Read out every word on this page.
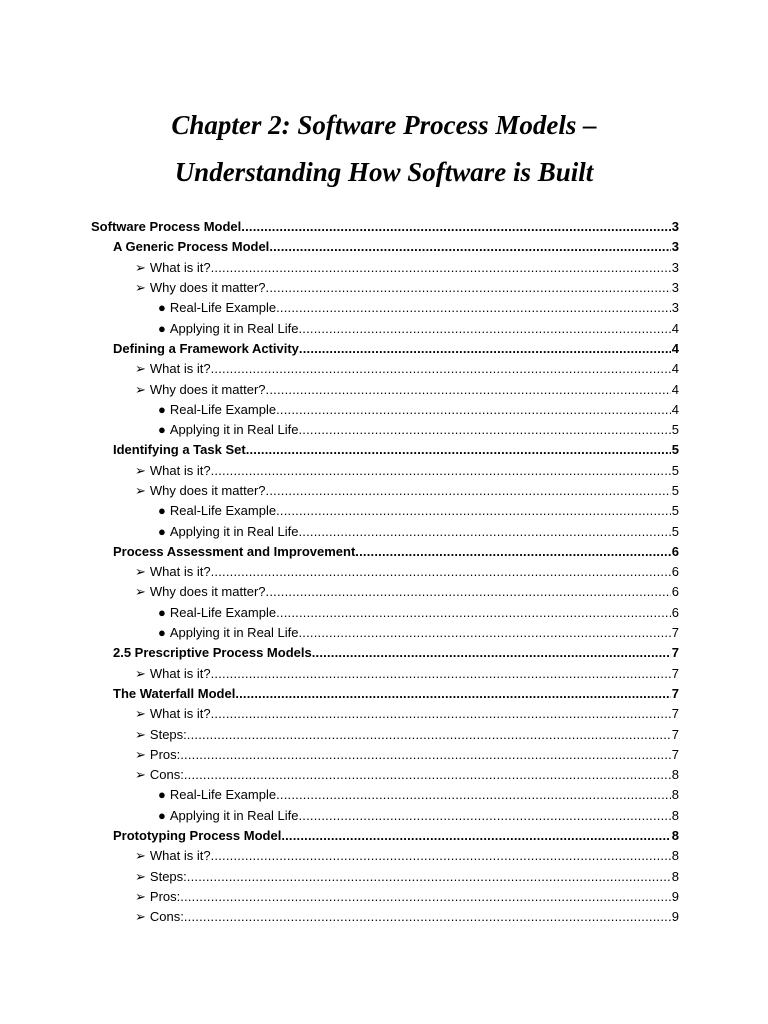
Chapter 2: Software Process Models –
Understanding How Software is Built
Software Process Model .....	3
A Generic Process Model .....	3
➢ What is it? .....	3
➢ Why does it matter? .....	3
● Real-Life Example .....	3
● Applying it in Real Life .....	4
Defining a Framework Activity .....	4
➢ What is it? .....	4
➢ Why does it matter? .....	4
● Real-Life Example .....	4
● Applying it in Real Life .....	5
Identifying a Task Set .....	5
➢ What is it? .....	5
➢ Why does it matter? .....	5
● Real-Life Example .....	5
● Applying it in Real Life .....	5
Process Assessment and Improvement .....	6
➢ What is it? .....	6
➢ Why does it matter? .....	6
● Real-Life Example .....	6
● Applying it in Real Life .....	7
2.5 Prescriptive Process Models .....	7
➢ What is it? .....	7
The Waterfall Model .....	7
➢ What is it? .....	7
➢ Steps: .....	7
➢ Pros: .....	7
➢ Cons: .....	8
● Real-Life Example .....	8
● Applying it in Real Life .....	8
Prototyping Process Model .....	8
➢ What is it? .....	8
➢ Steps: .....	8
➢ Pros: .....	9
➢ Cons: .....	9
